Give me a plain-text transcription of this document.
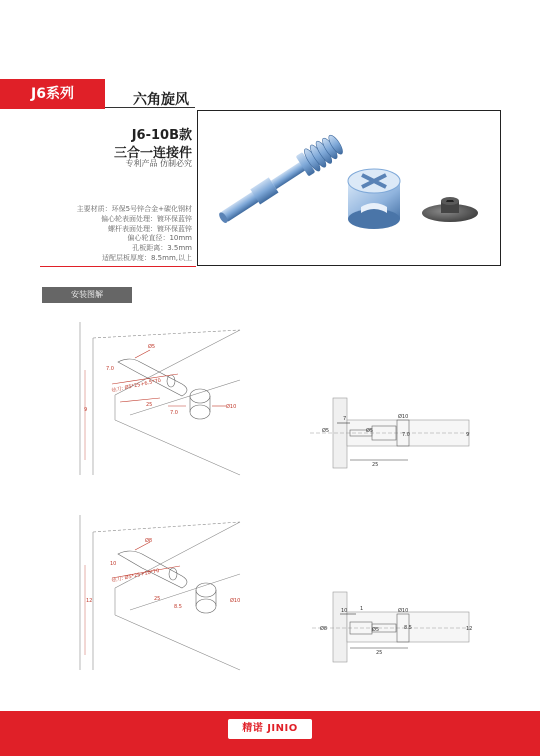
J6系列	六角旋风
J6-10B款
三合一连接件
专利产品 仿制必究
主要材质：环保5号锌合金+碳化钢材
偏心轮表面处理：镀环保蓝锌
螺杆表面处理：镀环保蓝锌
偏心轮直径：10mm
孔板距离：3.5mm
适配层板厚度：8.5mm,以上
安装图解
Ø5
7.0
钻刀: Ø5*25+6.5*70
25
7.0
Ø10
9
Ø5
7
Ø5
Ø10
7.0	9
25
Ø8
10
钻刀: Ø5*25+10*70
25
8.5
Ø10
12
10	1
Ø8	Ø5
Ø10
8.5	12
25
精诺 JINIO
